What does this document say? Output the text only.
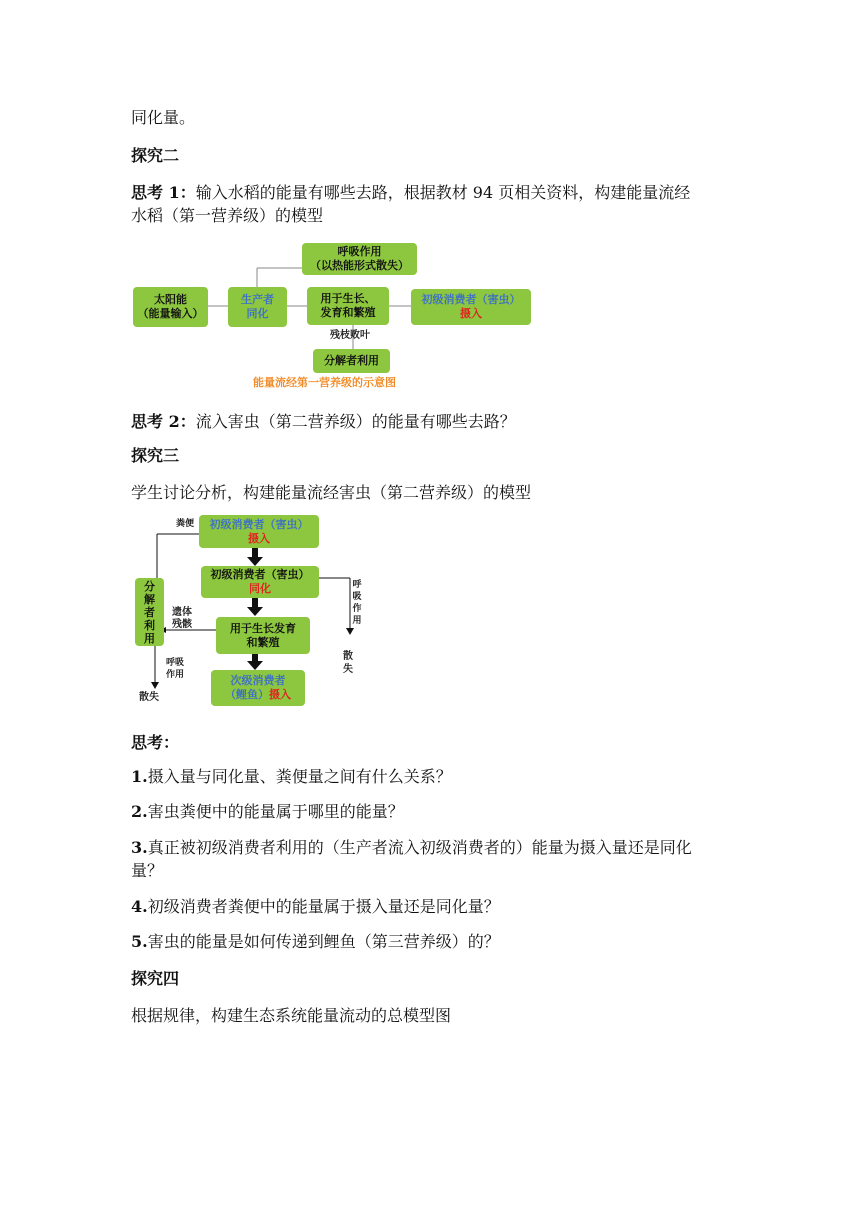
同化量。

探究二

思考 1：输入水稻的能量有哪些去路，根据教材 94 页相关资料，构建能量流经

水稻（第一营养级）的模型

呼吸作用
（以热能形式散失）
太阳能
（能量输入）
生产者
同化
用于生长、
发育和繁殖
初级消费者（害虫）
摄入
残枝败叶
分解者利用
能量流经第一营养级的示意图

思考 2：流入害虫（第二营养级）的能量有哪些去路？

探究三

学生讨论分析，构建能量流经害虫（第二营养级）的模型

粪便 初级消费者（害虫）
摄入
初级消费者（害虫）
同化
用于生长发育
和繁殖
次级消费者
（鲤鱼）摄入
分
解
者
利
用
遗体
残骸
呼
吸
作
用
散失
呼吸
作用
散失

思考：

1.摄入量与同化量、粪便量之间有什么关系？

2.害虫粪便中的能量属于哪里的能量？

3.真正被初级消费者利用的（生产者流入初级消费者的）能量为摄入量还是同化

量？

4.初级消费者粪便中的能量属于摄入量还是同化量？

5.害虫的能量是如何传递到鲤鱼（第三营养级）的？

探究四

根据规律，构建生态系统能量流动的总模型图
